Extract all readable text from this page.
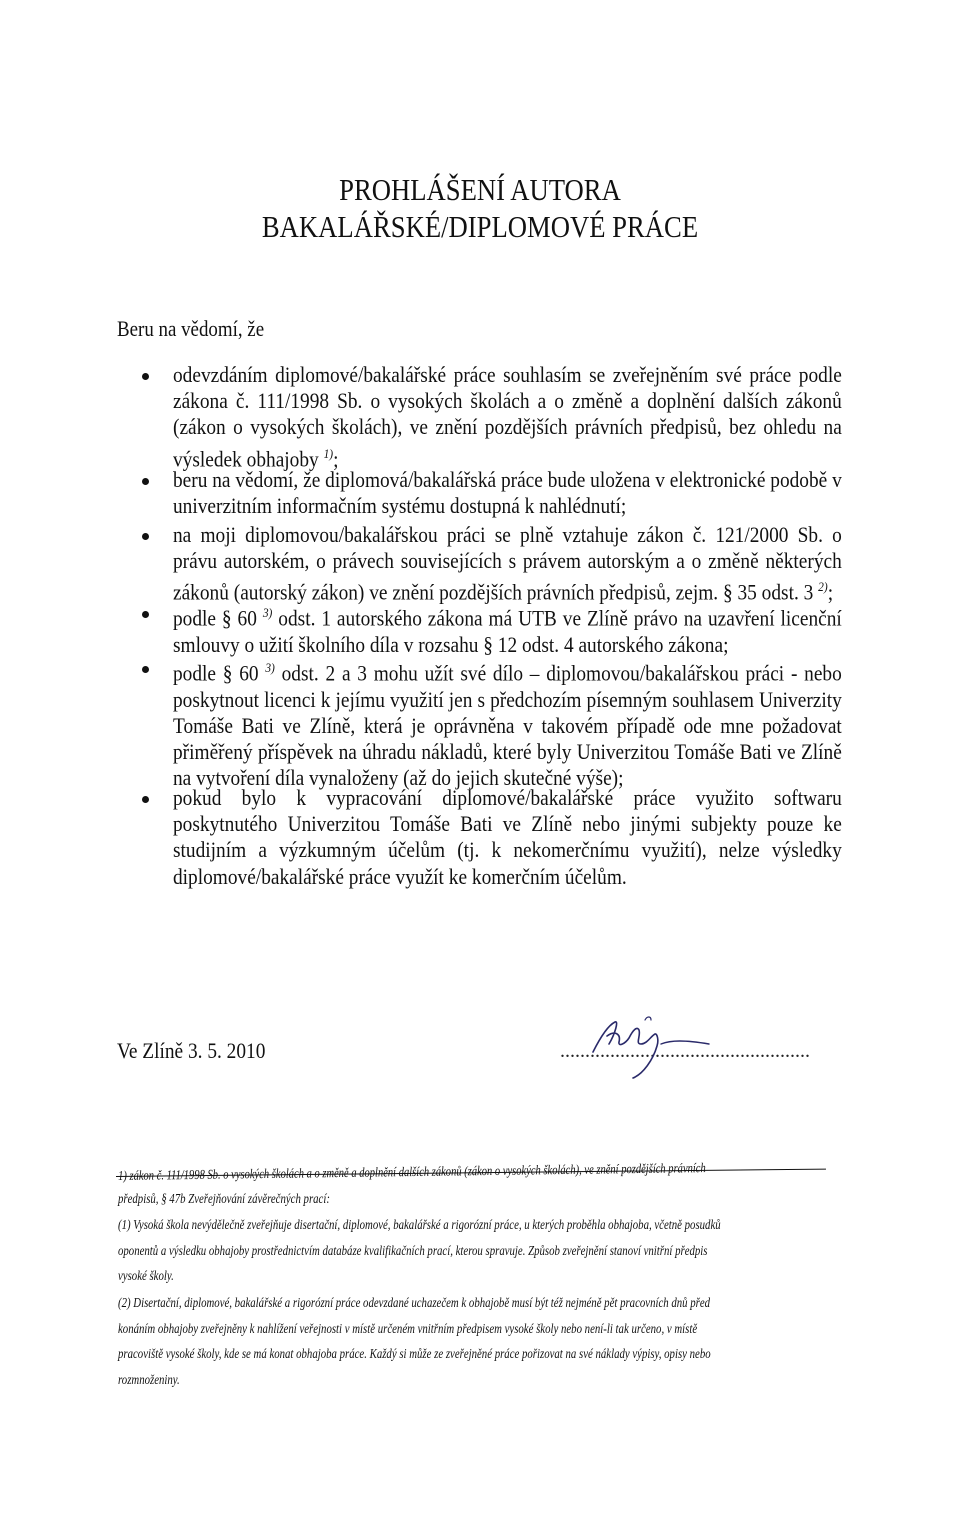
PROHLÁŠENÍ AUTORA
BAKALÁŘSKÉ/DIPLOMOVÉ PRÁCE
Beru na vědomí, že
odevzdáním diplomové/bakalářské práce souhlasím se zveřejněním své práce podle zákona č. 111/1998 Sb. o vysokých školách a o změně a doplnění dalších zákonů (zákon o vysokých školách), ve znění pozdějších právních předpisů, bez ohledu na výsledek obhajoby $^{1)}$;
beru na vědomí, že diplomová/bakalářská práce bude uložena v elektronické podobě v univerzitním informačním systému dostupná k nahlédnutí;
na moji diplomovou/bakalářskou práci se plně vztahuje zákon č. 121/2000 Sb. o právu autorském, o právech souvisejících s právem autorským a o změně některých zákonů (autorský zákon) ve znění pozdějších právních předpisů, zejm. § 35 odst. 3 $^{2)}$;
podle § 60 $^{3)}$ odst. 1 autorského zákona má UTB ve Zlíně právo na uzavření licenční smlouvy o užití školního díla v rozsahu § 12 odst. 4 autorského zákona;
podle § 60 $^{3)}$ odst. 2 a 3 mohu užít své dílo – diplomovou/bakalářskou práci - nebo poskytnout licenci k jejímu využití jen s předchozím písemným souhlasem Univerzity Tomáše Bati ve Zlíně, která je oprávněna v takovém případě ode mne požadovat přiměřený příspěvek na úhradu nákladů, které byly Univerzitou Tomáše Bati ve Zlíně na vytvoření díla vynaloženy (až do jejich skutečné výše);
pokud bylo k vypracování diplomové/bakalářské práce využito softwaru poskytnutého Univerzitou Tomáše Bati ve Zlíně nebo jinými subjekty pouze ke studijním a výzkumným účelům (tj. k nekomerčnímu využití), nelze výsledky diplomové/bakalářské práce využít ke komerčním účelům.
Ve Zlíně 3. 5. 2010	..................................................
1) zákon č. 111/1998 Sb. o vysokých školách a o změně a doplnění dalších zákonů (zákon o vysokých školách), ve znění pozdějších právních
předpisů, § 47b Zveřejňování závěrečných prací:
(1) Vysoká škola nevýdělečně zveřejňuje disertační, diplomové, bakalářské a rigorózní práce, u kterých proběhla obhajoba, včetně posudků
oponentů a výsledku obhajoby prostřednictvím databáze kvalifikačních prací, kterou spravuje. Způsob zveřejnění stanoví vnitřní předpis
vysoké školy.
(2) Disertační, diplomové, bakalářské a rigorózní práce odevzdané uchazečem k obhajobě musí být též nejméně pět pracovních dnů před
konáním obhajoby zveřejněny k nahlížení veřejnosti v místě určeném vnitřním předpisem vysoké školy nebo není-li tak určeno, v místě
pracoviště vysoké školy, kde se má konat obhajoba práce. Každý si může ze zveřejněné práce pořizovat na své náklady výpisy, opisy nebo
rozmnoženiny.
